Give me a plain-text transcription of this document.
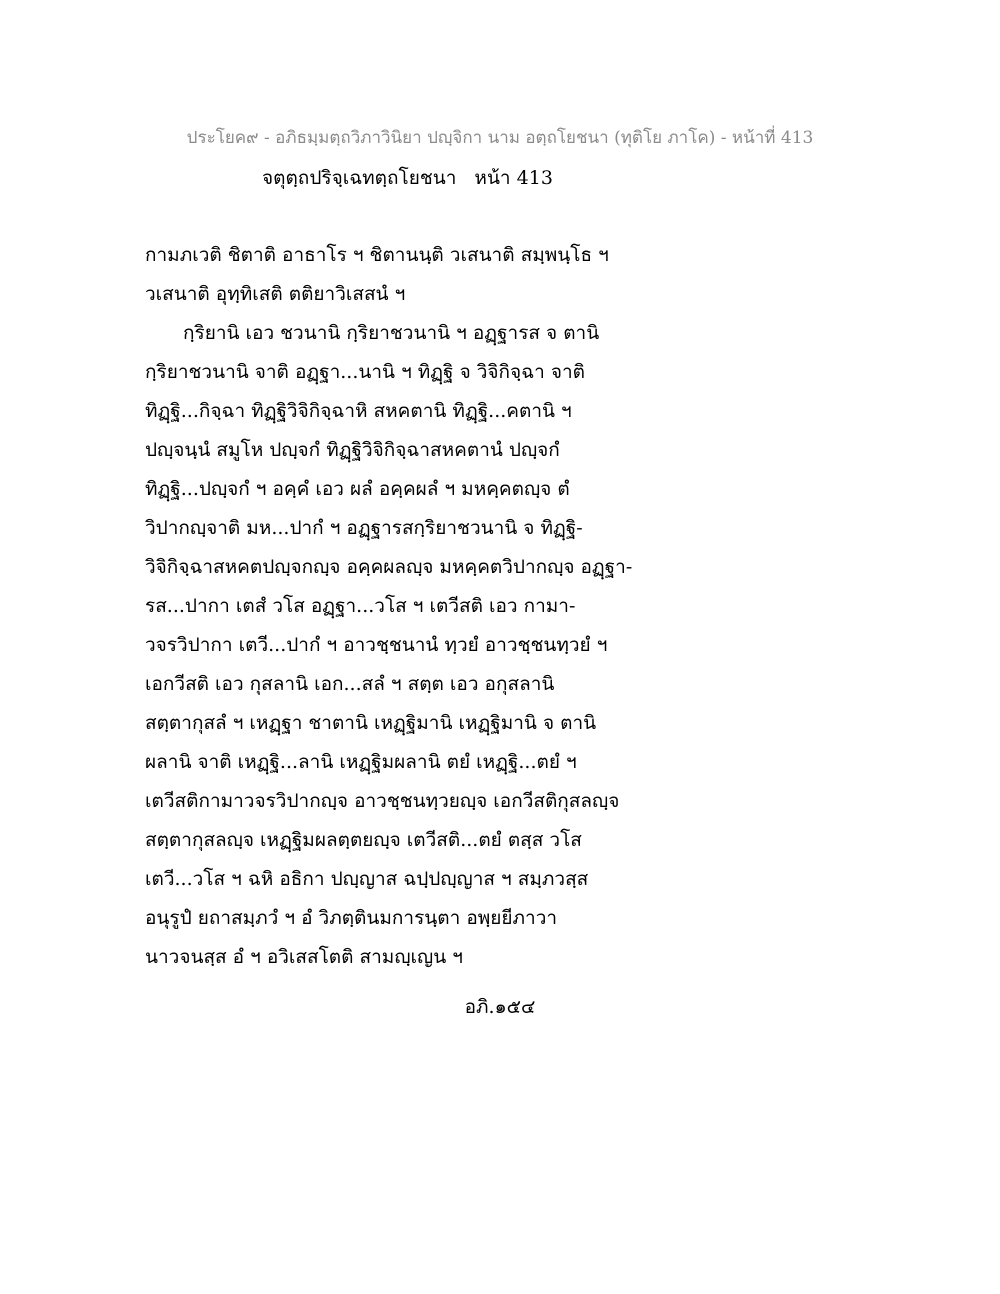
ประโยค๙ - อภิธมฺมตฺถวิภาวินิยา ปญฺจิกา นาม อตฺถโยชนา (ทุติโย ภาโค) - หน้าที่ 413
จตุตฺถปริจฺเฉทตฺถโยชนา หน้า 413
กามภเวติ ชิตาติ อาธาโร ฯ ชิตานนฺติ วเสนาติ สมฺพนฺโธ ฯ
วเสนาติ อุทฺทิเสติ ตติยาวิเสสนํ ฯ
กฺริยานิ เอว ชวนานิ กฺริยาชวนานิ ฯ อฏฺฐารส จ ตานิ
กฺริยาชวนานิ จาติ อฏฺฐา...นานิ ฯ ทิฏฺฐิ จ วิจิกิจฺฉา จาติ
ทิฏฺฐิ...กิจฺฉา ทิฏฺฐิวิจิกิจฺฉาหิ สหคตานิ ทิฏฺฐิ...คตานิ ฯ
ปญฺจนฺนํ สมูโห ปญฺจกํ ทิฏฺฐิวิจิกิจฺฉาสหคตานํ ปญฺจกํ
ทิฏฺฐิ...ปญฺจกํ ฯ อคฺคํ เอว ผลํ อคฺคผลํ ฯ มหคฺคตญฺจ ตํ
วิปากญฺจาติ มห...ปากํ ฯ อฏฺฐารสกฺริยาชวนานิ จ ทิฏฺฐิ-
วิจิกิจฺฉาสหคตปญฺจกญฺจ อคฺคผลญฺจ มหคฺคตวิปากญฺจ อฏฺฐา-
รส...ปากา เตสํ วโส อฏฺฐา...วโส ฯ เตวีสติ เอว กามา-
วจรวิปากา เตวี...ปากํ ฯ อาวชฺชนานํ ทฺวยํ อาวชฺชนทฺวยํ ฯ
เอกวีสติ เอว กุสลานิ เอก...สลํ ฯ สตฺต เอว อกุสลานิ
สตฺตากุสลํ ฯ เหฏฺฐา ชาตานิ เหฏฺฐิมานิ เหฏฺฐิมานิ จ ตานิ
ผลานิ จาติ เหฏฺฐิ...ลานิ เหฏฺฐิมผลานิ ตยํ เหฏฺฐิ...ตยํ ฯ
เตวีสติกามาวจรวิปากญฺจ อาวชฺชนทฺวยญฺจ เอกวีสติกุสลญฺจ
สตฺตากุสลญฺจ เหฏฺฐิมผลตฺตยญฺจ เตวีสติ...ตยํ ตสฺส วโส
เตวี...วโส ฯ ฉหิ อธิกา ปญฺญาส ฉปฺปญฺญาส ฯ สมฺภวสฺส
อนุรูปํ ยถาสมฺภวํ ฯ อํ วิภตฺตินมการนฺตา อพฺยยีภาวา
นาวจนสฺส อํ ฯ อวิเสสโตติ สามญฺเญน ฯ
อภิ.๑๕๔
